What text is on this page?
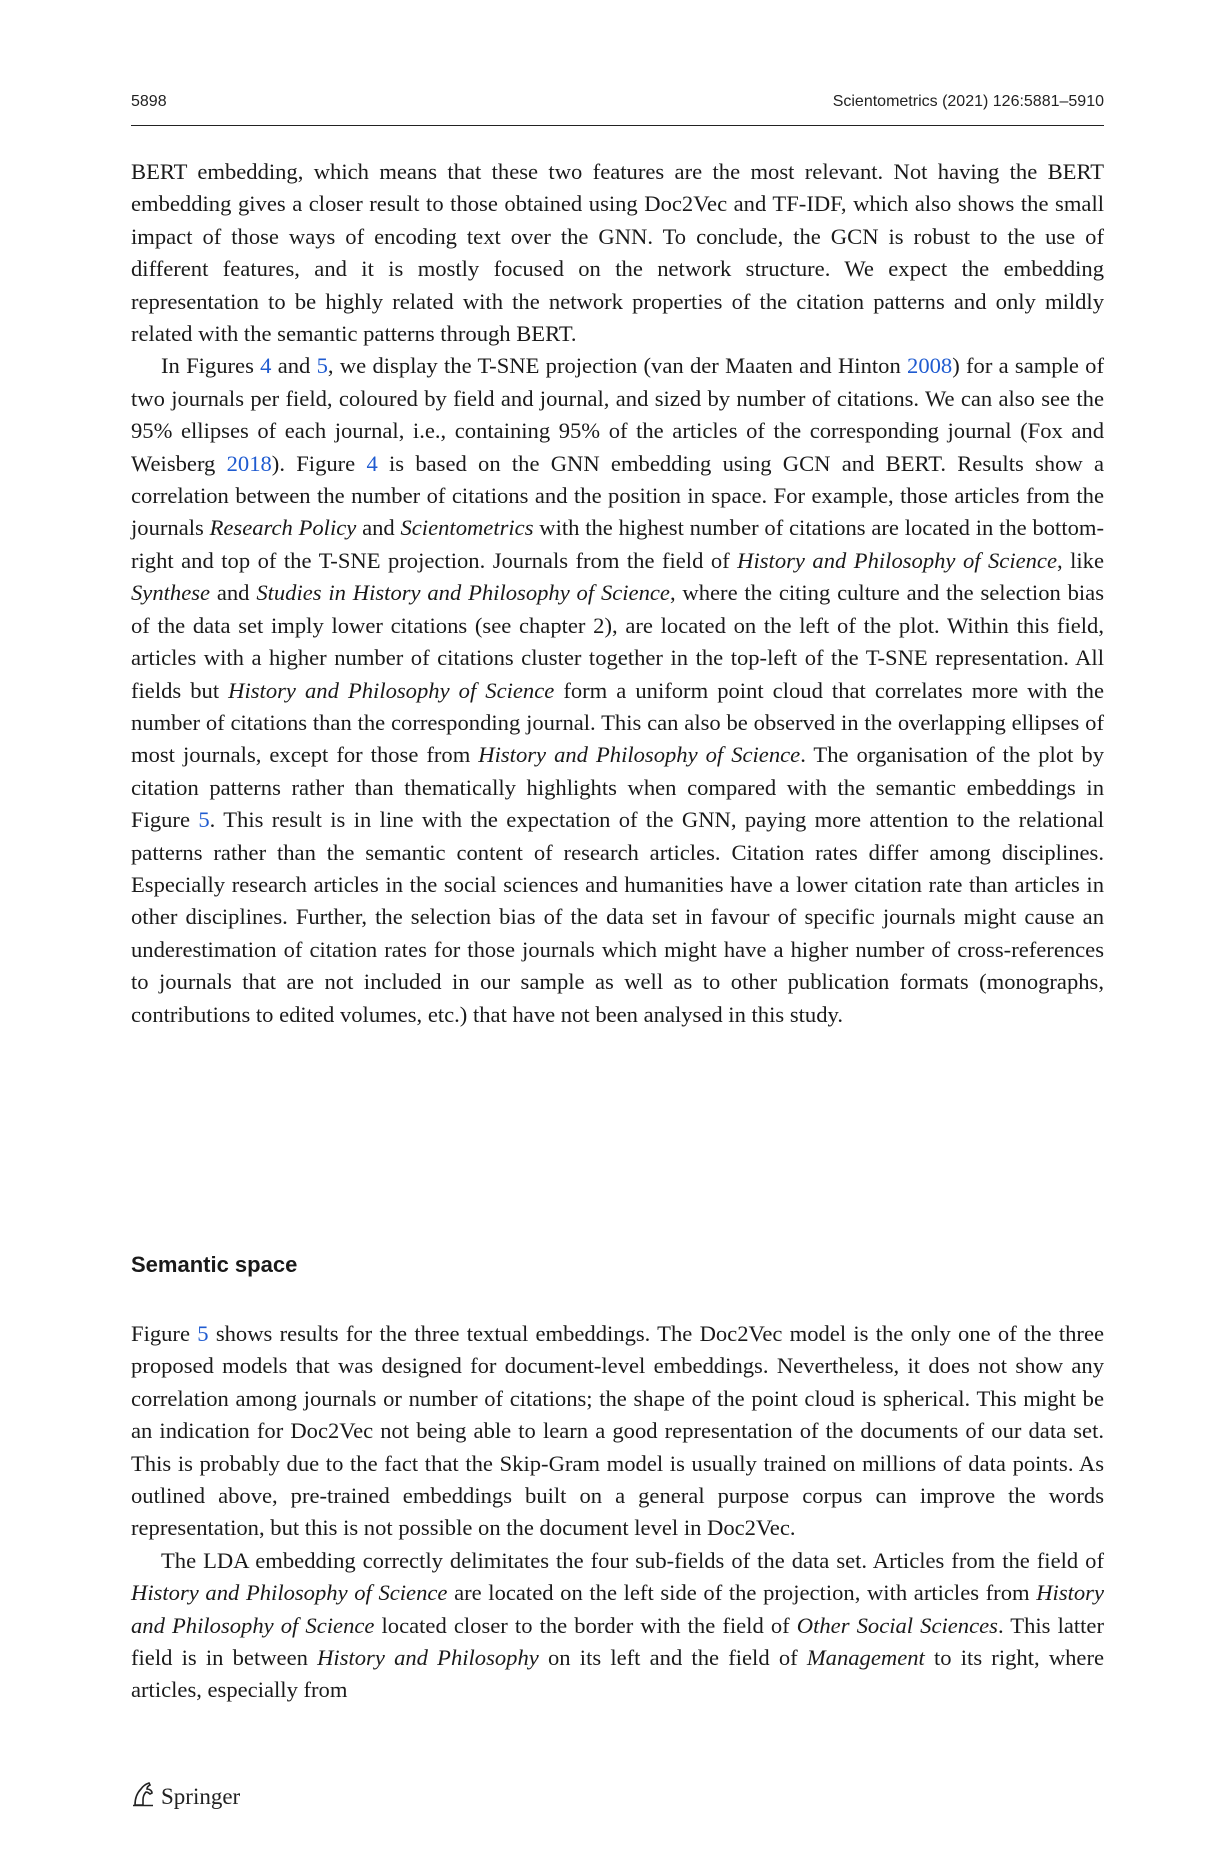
5898	Scientometrics (2021) 126:5881–5910

BERT embedding, which means that these two features are the most relevant. Not having the BERT embedding gives a closer result to those obtained using Doc2Vec and TF-IDF, which also shows the small impact of those ways of encoding text over the GNN. To conclude, the GCN is robust to the use of different features, and it is mostly focused on the network structure. We expect the embedding representation to be highly related with the network properties of the citation patterns and only mildly related with the semantic patterns through BERT.

In Figures 4 and 5, we display the T-SNE projection (van der Maaten and Hinton 2008) for a sample of two journals per field, coloured by field and journal, and sized by number of citations. We can also see the 95% ellipses of each journal, i.e., containing 95% of the articles of the corresponding journal (Fox and Weisberg 2018). Figure 4 is based on the GNN embedding using GCN and BERT. Results show a correlation between the number of citations and the position in space. For example, those articles from the journals Research Policy and Scientometrics with the highest number of citations are located in the bottom-right and top of the T-SNE projection. Journals from the field of History and Philosophy of Science, like Synthese and Studies in History and Philosophy of Science, where the citing culture and the selection bias of the data set imply lower citations (see chapter 2), are located on the left of the plot. Within this field, articles with a higher number of citations cluster together in the top-left of the T-SNE representation. All fields but History and Philosophy of Science form a uniform point cloud that correlates more with the number of citations than the corresponding journal. This can also be observed in the overlapping ellipses of most journals, except for those from History and Philosophy of Science. The organisation of the plot by citation patterns rather than thematically highlights when compared with the semantic embeddings in Figure 5. This result is in line with the expectation of the GNN, paying more attention to the relational patterns rather than the semantic content of research articles. Citation rates differ among disciplines. Especially research articles in the social sciences and humanities have a lower citation rate than articles in other disciplines. Further, the selection bias of the data set in favour of specific journals might cause an underestimation of citation rates for those journals which might have a higher number of cross-references to journals that are not included in our sample as well as to other publication formats (monographs, contributions to edited volumes, etc.) that have not been analysed in this study.

Semantic space

Figure 5 shows results for the three textual embeddings. The Doc2Vec model is the only one of the three proposed models that was designed for document-level embeddings. Nevertheless, it does not show any correlation among journals or number of citations; the shape of the point cloud is spherical. This might be an indication for Doc2Vec not being able to learn a good representation of the documents of our data set. This is probably due to the fact that the Skip-Gram model is usually trained on millions of data points. As outlined above, pre-trained embeddings built on a general purpose corpus can improve the words representation, but this is not possible on the document level in Doc2Vec.

The LDA embedding correctly delimitates the four sub-fields of the data set. Articles from the field of History and Philosophy of Science are located on the left side of the projection, with articles from History and Philosophy of Science located closer to the border with the field of Other Social Sciences. This latter field is in between History and Philosophy on its left and the field of Management to its right, where articles, especially from

Springer
